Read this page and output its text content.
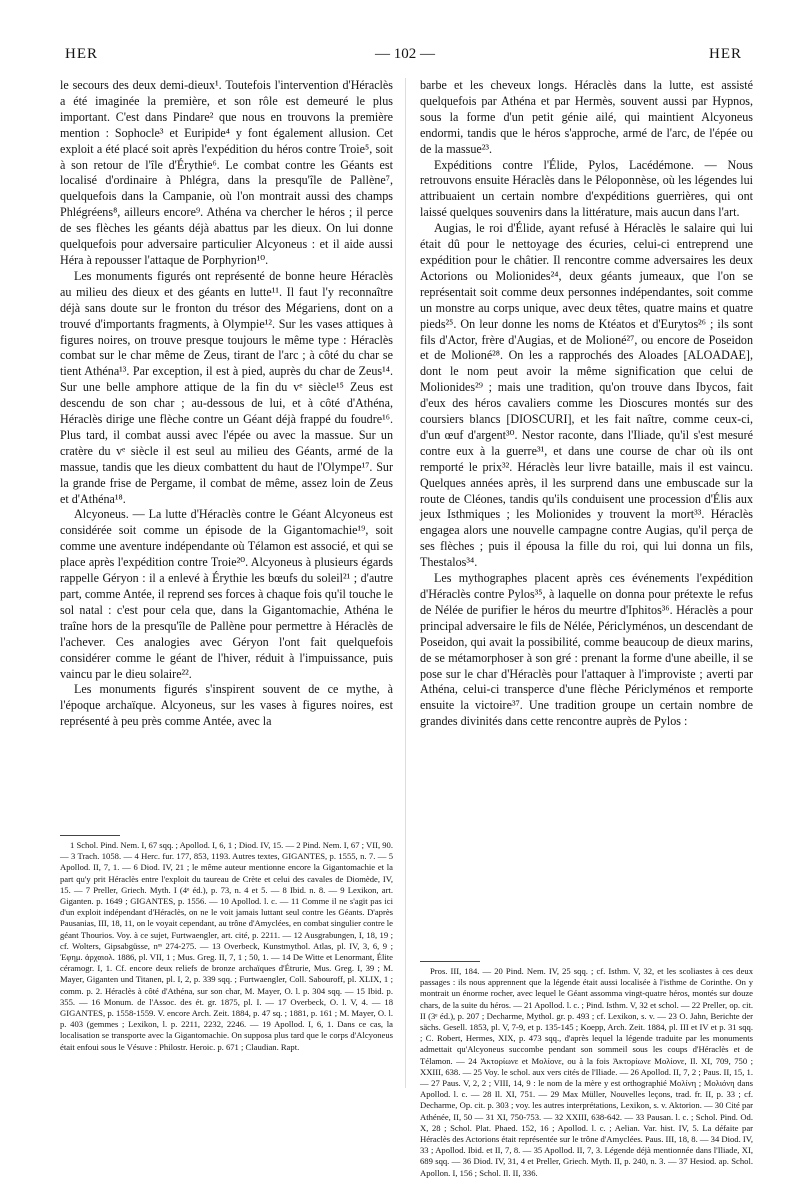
HER	— 102 —	HER

le secours des deux demi-dieux¹. Toutefois l'intervention d'Héraclès a été imaginée la première, et son rôle est demeuré le plus important. C'est dans Pindare² que nous en trouvons la première mention : Sophocle³ et Euripide⁴ y font également allusion. Cet exploit a été placé soit après l'expédition du héros contre Troie⁵, soit à son retour de l'île d'Érythie⁶. Le combat contre les Géants est localisé d'ordinaire à Phlégra, dans la presqu'île de Pallène⁷, quelquefois dans la Campanie, où l'on montrait aussi des champs Phlégréens⁸, ailleurs encore⁹. Athéna va chercher le héros ; il perce de ses flèches les géants déjà abattus par les dieux. On lui donne quelquefois pour adversaire particulier Alcyoneus : et il aide aussi Héra à repousser l'attaque de Porphyrion¹⁰.

Les monuments figurés ont représenté de bonne heure Héraclès au milieu des dieux et des géants en lutte¹¹. Il faut l'y reconnaître déjà sans doute sur le fronton du trésor des Mégariens, dont on a trouvé d'importants fragments, à Olympie¹². Sur les vases attiques à figures noires, on trouve presque toujours le même type : Héraclès combat sur le char même de Zeus, tirant de l'arc ; à côté du char se tient Athéna¹³. Par exception, il est à pied, auprès du char de Zeus¹⁴. Sur une belle amphore attique de la fin du vᵉ siècle¹⁵ Zeus est descendu de son char ; au-dessous de lui, et à côté d'Athéna, Héraclès dirige une flèche contre un Géant déjà frappé du foudre¹⁶. Plus tard, il combat aussi avec l'épée ou avec la massue. Sur un cratère du vᵉ siècle il est seul au milieu des Géants, armé de la massue, tandis que les dieux combattent du haut de l'Olympe¹⁷. Sur la grande frise de Pergame, il combat de même, assez loin de Zeus et d'Athéna¹⁸.

Alcyoneus. — La lutte d'Héraclès contre le Géant Alcyoneus est considérée soit comme un épisode de la Gigantomachie¹⁹, soit comme une aventure indépendante où Télamon est associé, et qui se place après l'expédition contre Troie²⁰. Alcyoneus à plusieurs égards rappelle Géryon : il a enlevé à Érythie les bœufs du soleil²¹ ; d'autre part, comme Antée, il reprend ses forces à chaque fois qu'il touche le sol natal : c'est pour cela que, dans la Gigantomachie, Athéna le traîne hors de la presqu'île de Pallène pour permettre à Héraclès de l'achever. Ces analogies avec Géryon l'ont fait quelquefois considérer comme le géant de l'hiver, réduit à l'impuissance, puis vaincu par le dieu solaire²².

Les monuments figurés s'inspirent souvent de ce mythe, à l'époque archaïque. Alcyoneus, sur les vases à figures noires, est représenté à peu près comme Antée, avec la

1 Schol. Pind. Nem. I, 67 sqq. ; Apollod. I, 6, 1 ; Diod. IV, 15. — 2 Pind. Nem. I, 67 ; VII, 90. — 3 Trach. 1058. — 4 Herc. fur. 177, 853, 1193. Autres textes, GIGANTES, p. 1555, n. 7. — 5 Apollod. II, 7, 1. — 6 Diod. IV, 21 ; le même auteur mentionne encore la Gigantomachie et la part qu'y prit Héraclès entre l'exploit du taureau de Crète et celui des cavales de Diomède, IV, 15. — 7 Preller, Griech. Myth. I (4ᵉ éd.), p. 73, n. 4 et 5. — 8 Ibid. n. 8. — 9 Lexikon, art. Giganten. p. 1649 ; GIGANTES, p. 1556. — 10 Apollod. l. c. — 11 Comme il ne s'agit pas ici d'un exploit indépendant d'Héraclès, on ne le voit jamais luttant seul contre les Géants. D'après Pausanias, III, 18, 11, on le voyait cependant, au trône d'Amyclées, en combat singulier contre le géant Thourios. Voy. à ce sujet, Furtwaengler, art. cité, p. 2211. — 12 Ausgrabungen, I, 18, 19 ; cf. Wolters, Gipsabgüsse, nᵒˢ 274-275. — 13 Overbeck, Kunstmythol. Atlas, pl. IV, 3, 6, 9 ; Ἐφημ. ἀρχαιολ. 1886, pl. VII, 1 ; Mus. Greg. II, 7, 1 ; 50, 1. — 14 De Witte et Lenormant, Élite céramogr. I, 1. Cf. encore deux reliefs de bronze archaïques d'Étrurie, Mus. Greg. I, 39 ; M. Mayer, Giganten und Titanen, pl. I, 2, p. 339 sqq. ; Furtwaengler, Coll. Sabouroff, pl. XLIX, 1 ; comm. p. 2. Héraclès à côté d'Athéna, sur son char, M. Mayer, O. l. p. 304 sqq. — 15 Ibid. p. 355. — 16 Monum. de l'Assoc. des ét. gr. 1875, pl. I. — 17 Overbeck, O. l. V, 4. — 18 GIGANTES, p. 1558-1559. V. encore Arch. Zeit. 1884, p. 47 sq. ; 1881, p. 161 ; M. Mayer, O. l. p. 403 (gemmes ; Lexikon, l. p. 2211, 2232, 2246. — 19 Apollod. I, 6, 1. Dans ce cas, la localisation se transporte avec la Gigantomachie. On supposa plus tard que le corps d'Alcyoneus était enfoui sous le Vésuve : Philostr. Heroic. p. 671 ; Claudian. Rapt.

barbe et les cheveux longs. Héraclès dans la lutte, est assisté quelquefois par Athéna et par Hermès, souvent aussi par Hypnos, sous la forme d'un petit génie ailé, qui maintient Alcyoneus endormi, tandis que le héros s'approche, armé de l'arc, de l'épée ou de la massue²³.

Expéditions contre l'Élide, Pylos, Lacédémone. — Nous retrouvons ensuite Héraclès dans le Péloponnèse, où les légendes lui attribuaient un certain nombre d'expéditions guerrières, qui ont laissé quelques souvenirs dans la littérature, mais aucun dans l'art.

Augias, le roi d'Élide, ayant refusé à Héraclès le salaire qui lui était dû pour le nettoyage des écuries, celui-ci entreprend une expédition pour le châtier. Il rencontre comme adversaires les deux Actorions ou Molionides²⁴, deux géants jumeaux, que l'on se représentait soit comme deux personnes indépendantes, soit comme un monstre au corps unique, avec deux têtes, quatre mains et quatre pieds²⁵. On leur donne les noms de Ktéatos et d'Eurytos²⁶ ; ils sont fils d'Actor, frère d'Augias, et de Molioné²⁷, ou encore de Poseidon et de Molioné²⁸. On les a rapprochés des Aloades [ALOADAE], dont le nom peut avoir la même signification que celui de Molionides²⁹ ; mais une tradition, qu'on trouve dans Ibycos, fait d'eux des héros cavaliers comme les Dioscures montés sur des coursiers blancs [DIOSCURI], et les fait naître, comme ceux-ci, d'un œuf d'argent³⁰. Nestor raconte, dans l'Iliade, qu'il s'est mesuré contre eux à la guerre³¹, et dans une course de char où ils ont remporté le prix³². Héraclès leur livre bataille, mais il est vaincu. Quelques années après, il les surprend dans une embuscade sur la route de Cléones, tandis qu'ils conduisent une procession d'Élis aux jeux Isthmiques ; les Molionides y trouvent la mort³³. Héraclès engagea alors une nouvelle campagne contre Augias, qu'il perça de ses flèches ; puis il épousa la fille du roi, qui lui donna un fils, Thestalos³⁴.

Les mythographes placent après ces événements l'expédition d'Héraclès contre Pylos³⁵, à laquelle on donna pour prétexte le refus de Nélée de purifier le héros du meurtre d'Iphitos³⁶. Héraclès a pour principal adversaire le fils de Nélée, Périclyménos, un descendant de Poseidon, qui avait la possibilité, comme beaucoup de dieux marins, de se métamorphoser à son gré : prenant la forme d'une abeille, il se pose sur le char d'Héraclès pour l'attaquer à l'improviste ; averti par Athéna, celui-ci transperce d'une flèche Périclyménos et remporte ensuite la victoire³⁷. Une tradition groupe un certain nombre de grandes divinités dans cette rencontre auprès de Pylos :

Pros. III, 184. — 20 Pind. Nem. IV, 25 sqq. ; cf. Isthm. V, 32, et les scoliastes à ces deux passages : ils nous apprennent que la légende était aussi localisée à l'isthme de Corinthe. On y montrait un énorme rocher, avec lequel le Géant assomma vingt-quatre héros, montés sur douze chars, de la suite du héros. — 21 Apollod. l. c. ; Pind. Isthm. V, 32 et schol. — 22 Preller, op. cit. II (3ᵉ éd.), p. 207 ; Decharme, Mythol. gr. p. 493 ; cf. Lexikon, s. v. — 23 O. Jahn, Berichte der sächs. Gesell. 1853, pl. V, 7-9, et p. 135-145 ; Koepp, Arch. Zeit. 1884, pl. III et IV et p. 31 sqq. ; C. Robert, Hermes, XIX, p. 473 sqq., d'après lequel la légende traduite par les monuments admettait qu'Alcyoneus succombe pendant son sommeil sous les coups d'Héraclès et de Télamon. — 24 Ἀκτορίωνε et Μολίονε, ou à la fois Ἀκτορίωνε Μολίονε, Il. XI, 709, 750 ; XXIII, 638. — 25 Voy. le schol. aux vers cités de l'Iliade. — 26 Apollod. II, 7, 2 ; Paus. II, 15, 1. — 27 Paus. V, 2, 2 ; VIII, 14, 9 : le nom de la mère y est orthographié Μολίνη ; Μολιόνη dans Apollod. l. c. — 28 Il. XI, 751. — 29 Max Müller, Nouvelles leçons, trad. fr. II, p. 33 ; cf. Decharme, Op. cit. p. 303 ; voy. les autres interprétations, Lexikon, s. v. Aktorion. — 30 Cité par Athénée, II, 50 — 31 XI, 750-753. — 32 XXIII, 638-642. — 33 Pausan. l. c. ; Schol. Pind. Od. X, 28 ; Schol. Plat. Phaed. 152, 16 ; Apollod. l. c. ; Aelian. Var. hist. IV, 5. La défaite par Héraclès des Actorions était représentée sur le trône d'Amyclées. Paus. III, 18, 8. — 34 Diod. IV, 33 ; Apollod. Ibid. et II, 7, 8. — 35 Apollod. II, 7, 3. Légende déjà mentionnée dans l'Iliade, XI, 689 sqq. — 36 Diod. IV, 31, 4 et Preller, Griech. Myth. II, p. 240, n. 3. — 37 Hesiod. ap. Schol. Apollon. I, 156 ; Schol. Il. II, 336.
